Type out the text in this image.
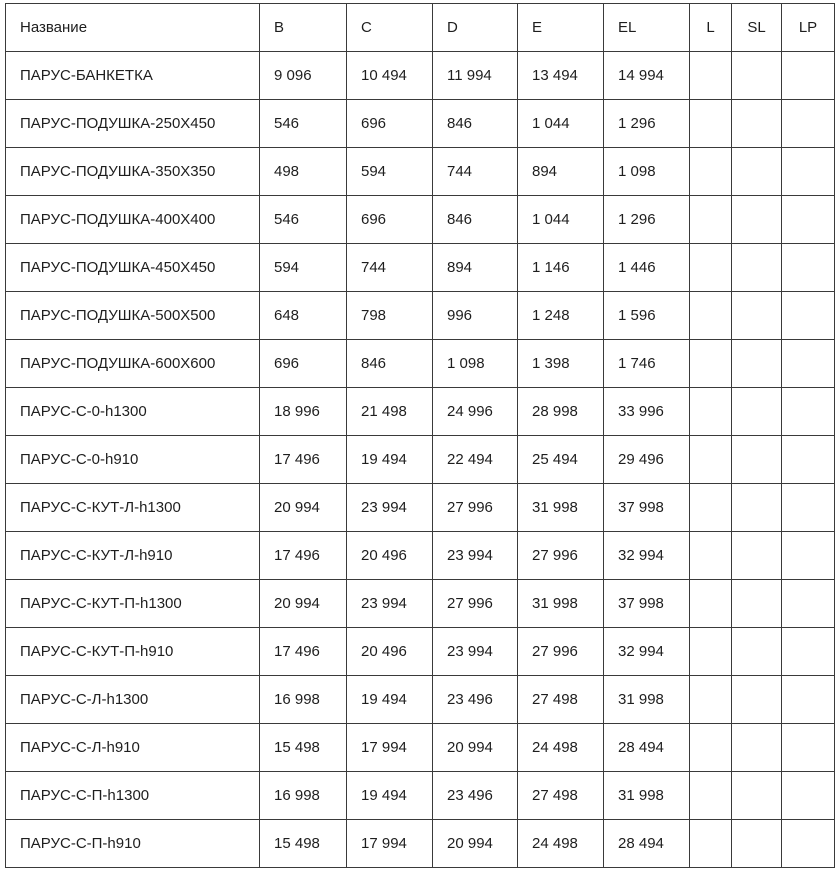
Название	B	C	D	E	EL	L	SL	LP
ПАРУС-БАНКЕТКА	9 096	10 494	11 994	13 494	14 994			
ПАРУС-ПОДУШКА-250Х450	546	696	846	1 044	1 296			
ПАРУС-ПОДУШКА-350Х350	498	594	744	894	1 098			
ПАРУС-ПОДУШКА-400Х400	546	696	846	1 044	1 296			
ПАРУС-ПОДУШКА-450Х450	594	744	894	1 146	1 446			
ПАРУС-ПОДУШКА-500Х500	648	798	996	1 248	1 596			
ПАРУС-ПОДУШКА-600Х600	696	846	1 098	1 398	1 746			
ПАРУС-С-0-h1300	18 996	21 498	24 996	28 998	33 996			
ПАРУС-С-0-h910	17 496	19 494	22 494	25 494	29 496			
ПАРУС-С-КУТ-Л-h1300	20 994	23 994	27 996	31 998	37 998			
ПАРУС-С-КУТ-Л-h910	17 496	20 496	23 994	27 996	32 994			
ПАРУС-С-КУТ-П-h1300	20 994	23 994	27 996	31 998	37 998			
ПАРУС-С-КУТ-П-h910	17 496	20 496	23 994	27 996	32 994			
ПАРУС-С-Л-h1300	16 998	19 494	23 496	27 498	31 998			
ПАРУС-С-Л-h910	15 498	17 994	20 994	24 498	28 494			
ПАРУС-С-П-h1300	16 998	19 494	23 496	27 498	31 998			
ПАРУС-С-П-h910	15 498	17 994	20 994	24 498	28 494			
